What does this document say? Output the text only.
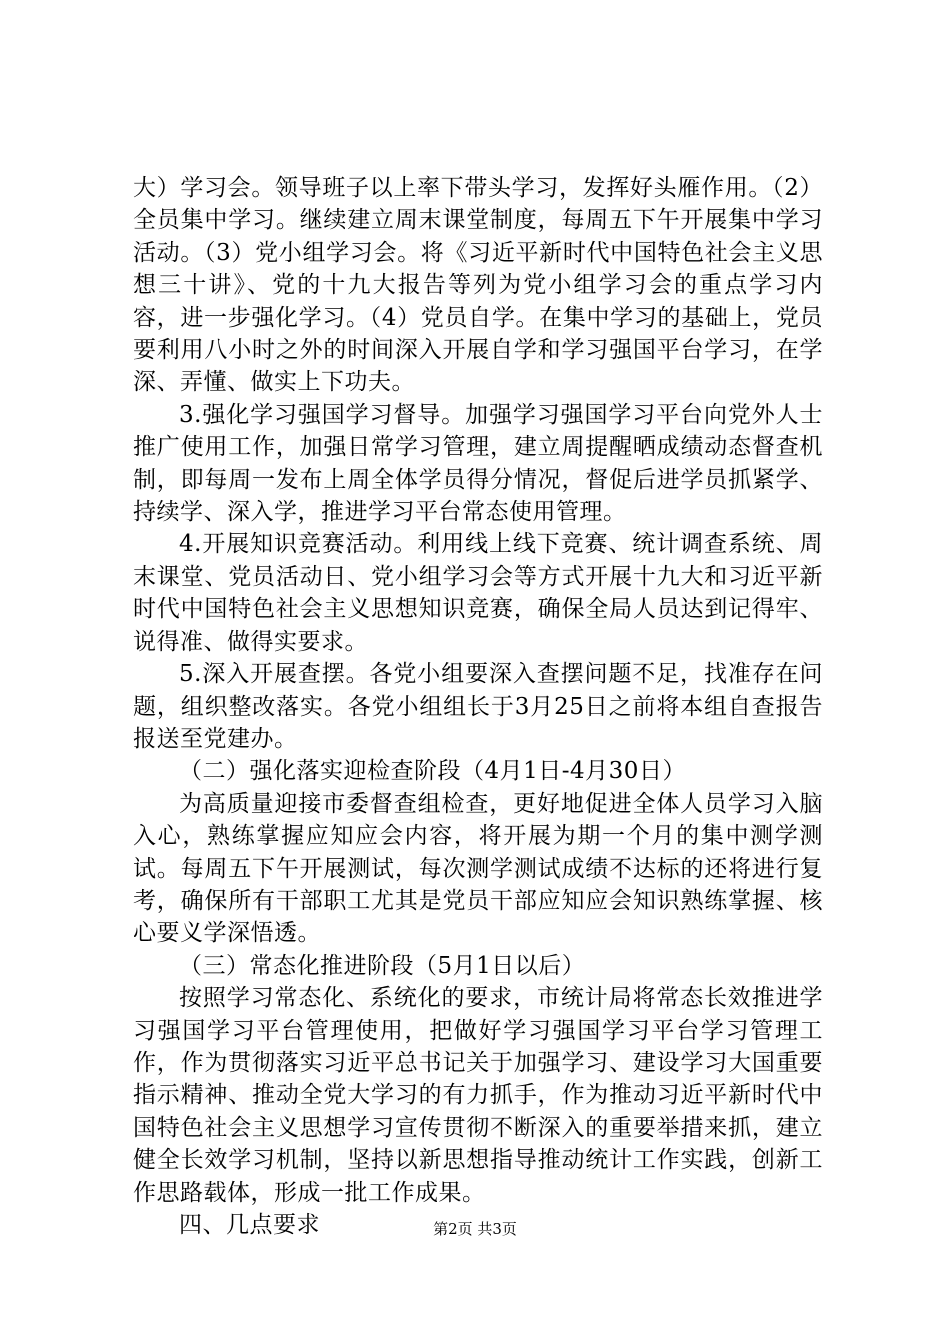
大）学习会。领导班子以上率下带头学习，发挥好头雁作用。（2）全员集中学习。继续建立周末课堂制度，每周五下午开展集中学习活动。（3）党小组学习会。将《习近平新时代中国特色社会主义思想三十讲》、党的十九大报告等列为党小组学习会的重点学习内容，进一步强化学习。（4）党员自学。在集中学习的基础上，党员要利用八小时之外的时间深入开展自学和学习强国平台学习，在学深、弄懂、做实上下功夫。

3.强化学习强国学习督导。加强学习强国学习平台向党外人士推广使用工作，加强日常学习管理，建立周提醒晒成绩动态督查机制，即每周一发布上周全体学员得分情况，督促后进学员抓紧学、持续学、深入学，推进学习平台常态使用管理。

4.开展知识竞赛活动。利用线上线下竞赛、统计调查系统、周末课堂、党员活动日、党小组学习会等方式开展十九大和习近平新时代中国特色社会主义思想知识竞赛，确保全局人员达到记得牢、说得准、做得实要求。

5.深入开展查摆。各党小组要深入查摆问题不足，找准存在问题，组织整改落实。各党小组组长于3月25日之前将本组自查报告报送至党建办。

（二）强化落实迎检查阶段（4月1日-4月30日）

为高质量迎接市委督查组检查，更好地促进全体人员学习入脑入心，熟练掌握应知应会内容，将开展为期一个月的集中测学测试。每周五下午开展测试，每次测学测试成绩不达标的还将进行复考，确保所有干部职工尤其是党员干部应知应会知识熟练掌握、核心要义学深悟透。

（三）常态化推进阶段（5月1日以后）

按照学习常态化、系统化的要求，市统计局将常态长效推进学习强国学习平台管理使用，把做好学习强国学习平台学习管理工作，作为贯彻落实习近平总书记关于加强学习、建设学习大国重要指示精神、推动全党大学习的有力抓手，作为推动习近平新时代中国特色社会主义思想学习宣传贯彻不断深入的重要举措来抓，建立健全长效学习机制，坚持以新思想指导推动统计工作实践，创新工作思路载体，形成一批工作成果。

四、几点要求	第2页 共3页
